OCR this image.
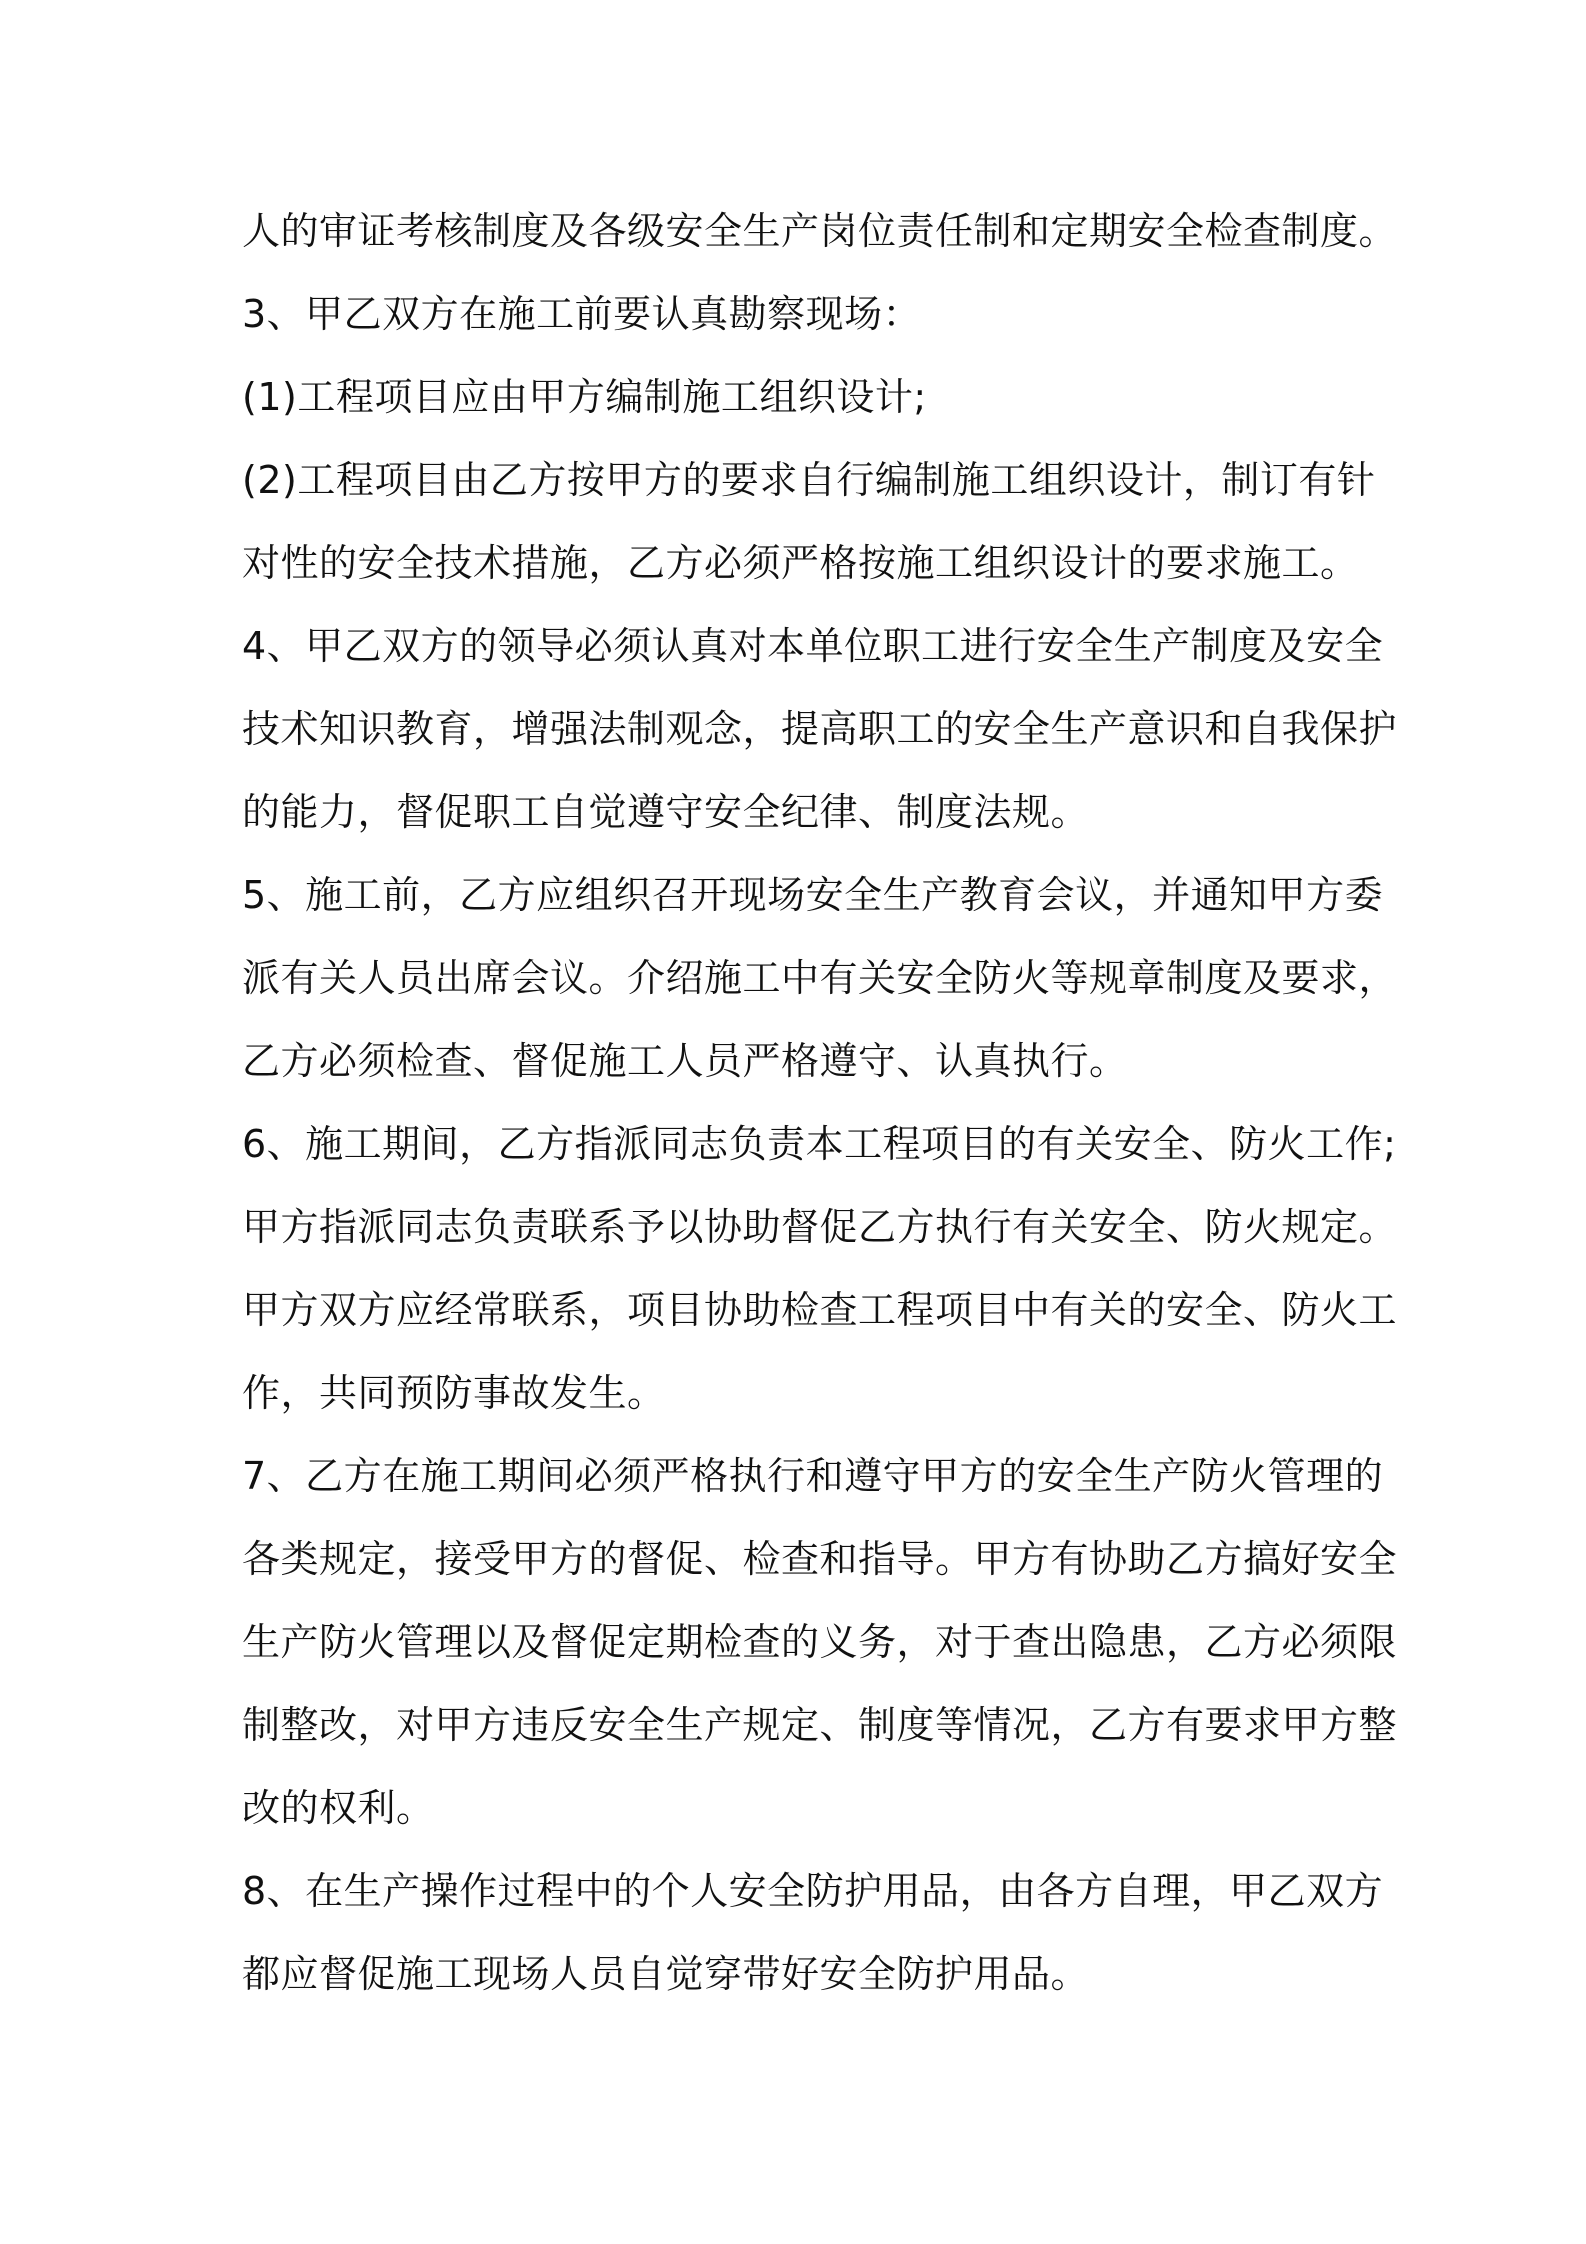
人的审证考核制度及各级安全生产岗位责任制和定期安全检查制度。
3、甲乙双方在施工前要认真勘察现场：
(1)工程项目应由甲方编制施工组织设计;
(2)工程项目由乙方按甲方的要求自行编制施工组织设计，制订有针
对性的安全技术措施，乙方必须严格按施工组织设计的要求施工。
4、甲乙双方的领导必须认真对本单位职工进行安全生产制度及安全
技术知识教育，增强法制观念，提高职工的安全生产意识和自我保护
的能力，督促职工自觉遵守安全纪律、制度法规。
5、施工前，乙方应组织召开现场安全生产教育会议，并通知甲方委
派有关人员出席会议。介绍施工中有关安全防火等规章制度及要求，
乙方必须检查、督促施工人员严格遵守、认真执行。
6、施工期间，乙方指派同志负责本工程项目的有关安全、防火工作;
甲方指派同志负责联系予以协助督促乙方执行有关安全、防火规定。
甲方双方应经常联系，项目协助检查工程项目中有关的安全、防火工
作，共同预防事故发生。
7、乙方在施工期间必须严格执行和遵守甲方的安全生产防火管理的
各类规定，接受甲方的督促、检查和指导。甲方有协助乙方搞好安全
生产防火管理以及督促定期检查的义务，对于查出隐患，乙方必须限
制整改，对甲方违反安全生产规定、制度等情况，乙方有要求甲方整
改的权利。
8、在生产操作过程中的个人安全防护用品，由各方自理，甲乙双方
都应督促施工现场人员自觉穿带好安全防护用品。
